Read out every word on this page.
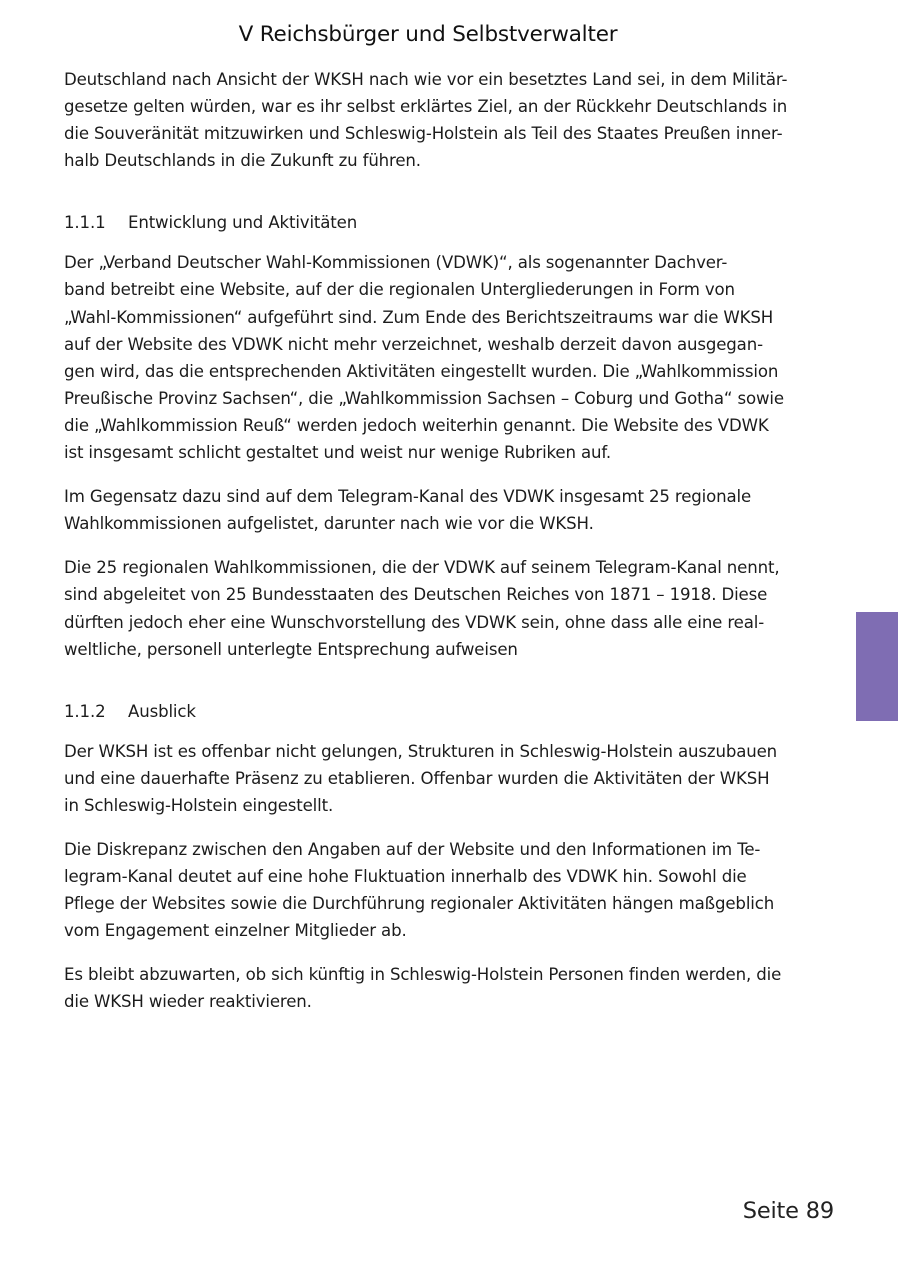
V Reichsbürger und Selbstverwalter

Deutschland nach Ansicht der WKSH nach wie vor ein besetztes Land sei, in dem Militär-
gesetze gelten würden, war es ihr selbst erklärtes Ziel, an der Rückkehr Deutschlands in
die Souveränität mitzuwirken und Schleswig-Holstein als Teil des Staates Preußen inner-
halb Deutschlands in die Zukunft zu führen.

1.1.1 Entwicklung und Aktivitäten

Der „Verband Deutscher Wahl-Kommissionen (VDWK)“, als sogenannter Dachver-
band betreibt eine Website, auf der die regionalen Untergliederungen in Form von
„Wahl-Kommissionen“ aufgeführt sind. Zum Ende des Berichtszeitraums war die WKSH
auf der Website des VDWK nicht mehr verzeichnet, weshalb derzeit davon ausgegan-
gen wird, das die entsprechenden Aktivitäten eingestellt wurden. Die „Wahlkommission
Preußische Provinz Sachsen“, die „Wahlkommission Sachsen – Coburg und Gotha“ sowie
die „Wahlkommission Reuß“ werden jedoch weiterhin genannt. Die Website des VDWK
ist insgesamt schlicht gestaltet und weist nur wenige Rubriken auf.

Im Gegensatz dazu sind auf dem Telegram-Kanal des VDWK insgesamt 25 regionale
Wahlkommissionen aufgelistet, darunter nach wie vor die WKSH.

Die 25 regionalen Wahlkommissionen, die der VDWK auf seinem Telegram-Kanal nennt,
sind abgeleitet von 25 Bundesstaaten des Deutschen Reiches von 1871 – 1918. Diese
dürften jedoch eher eine Wunschvorstellung des VDWK sein, ohne dass alle eine real-
weltliche, personell unterlegte Entsprechung aufweisen

1.1.2 Ausblick

Der WKSH ist es offenbar nicht gelungen, Strukturen in Schleswig-Holstein auszubauen
und eine dauerhafte Präsenz zu etablieren. Offenbar wurden die Aktivitäten der WKSH
in Schleswig-Holstein eingestellt.

Die Diskrepanz zwischen den Angaben auf der Website und den Informationen im Te-
legram-Kanal deutet auf eine hohe Fluktuation innerhalb des VDWK hin. Sowohl die
Pflege der Websites sowie die Durchführung regionaler Aktivitäten hängen maßgeblich
vom Engagement einzelner Mitglieder ab.

Es bleibt abzuwarten, ob sich künftig in Schleswig-Holstein Personen finden werden, die
die WKSH wieder reaktivieren.

Seite 89
